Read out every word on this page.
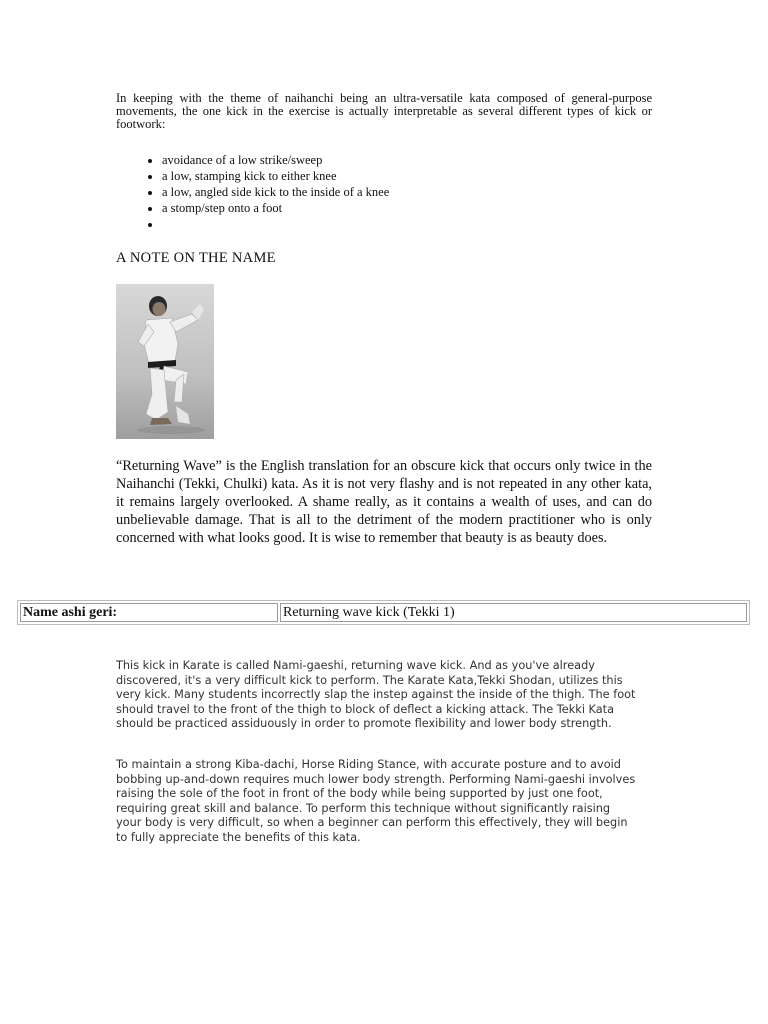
In keeping with the theme of naihanchi being an ultra-versatile kata composed of general-purpose movements, the one kick in the exercise is actually interpretable as several different types of kick or footwork:

• avoidance of a low strike/sweep
• a low, stamping kick to either knee
• a low, angled side kick to the inside of a knee
• a stomp/step onto a foot
•
A NOTE ON THE NAME

“Returning Wave” is the English translation for an obscure kick that occurs only twice in the Naihanchi (Tekki, Chulki) kata. As it is not very flashy and is not repeated in any other kata, it remains largely overlooked. A shame really, as it contains a wealth of uses, and can do unbelievable damage. That is all to the detriment of the modern practitioner who is only concerned with what looks good. It is wise to remember that beauty is as beauty does.

Name ashi geri:	Returning wave kick (Tekki 1)

This kick in Karate is called Nami-gaeshi, returning wave kick. And as you've already discovered, it's a very difficult kick to perform. The Karate Kata,Tekki Shodan, utilizes this very kick. Many students incorrectly slap the instep against the inside of the thigh. The foot should travel to the front of the thigh to block of deflect a kicking attack. The Tekki Kata should be practiced assiduously in order to promote flexibility and lower body strength.

To maintain a strong Kiba-dachi, Horse Riding Stance, with accurate posture and to avoid bobbing up-and-down requires much lower body strength. Performing Nami-gaeshi involves raising the sole of the foot in front of the body while being supported by just one foot, requiring great skill and balance. To perform this technique without significantly raising your body is very difficult, so when a beginner can perform this effectively, they will begin to fully appreciate the benefits of this kata.
